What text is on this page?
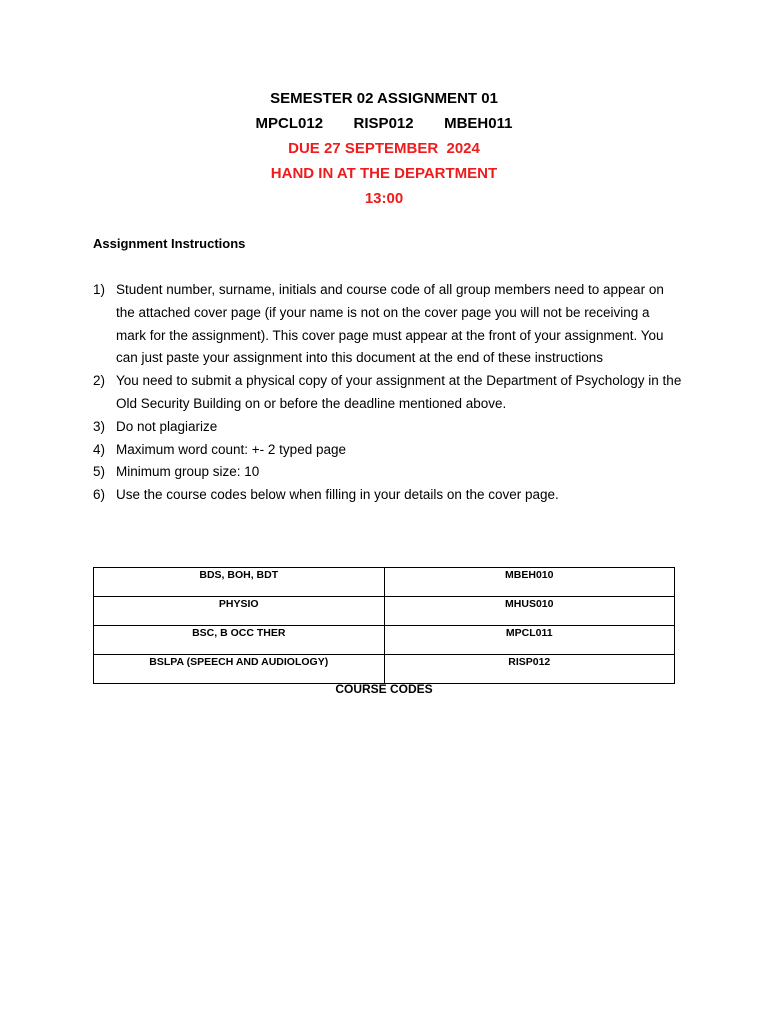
SEMESTER 02 ASSIGNMENT 01
MPCL012   RISP012   MBEH011
DUE 27 SEPTEMBER  2024
HAND IN AT THE DEPARTMENT
13:00
Assignment Instructions
1) Student number, surname, initials and course code of all group members need to appear on the attached cover page (if your name is not on the cover page you will not be receiving a mark for the assignment). This cover page must appear at the front of your assignment. You can just paste your assignment into this document at the end of these instructions
2) You need to submit a physical copy of your assignment at the Department of Psychology in the Old Security Building on or before the deadline mentioned above.
3) Do not plagiarize
4) Maximum word count: +- 2 typed page
5) Minimum group size: 10
6) Use the course codes below when filling in your details on the cover page.
BDS, BOH, BDT	MBEH010
PHYSIO	MHUS010
BSC, B OCC THER	MPCL011
BSLPA (SPEECH AND AUDIOLOGY)	RISP012
COURSE CODES
